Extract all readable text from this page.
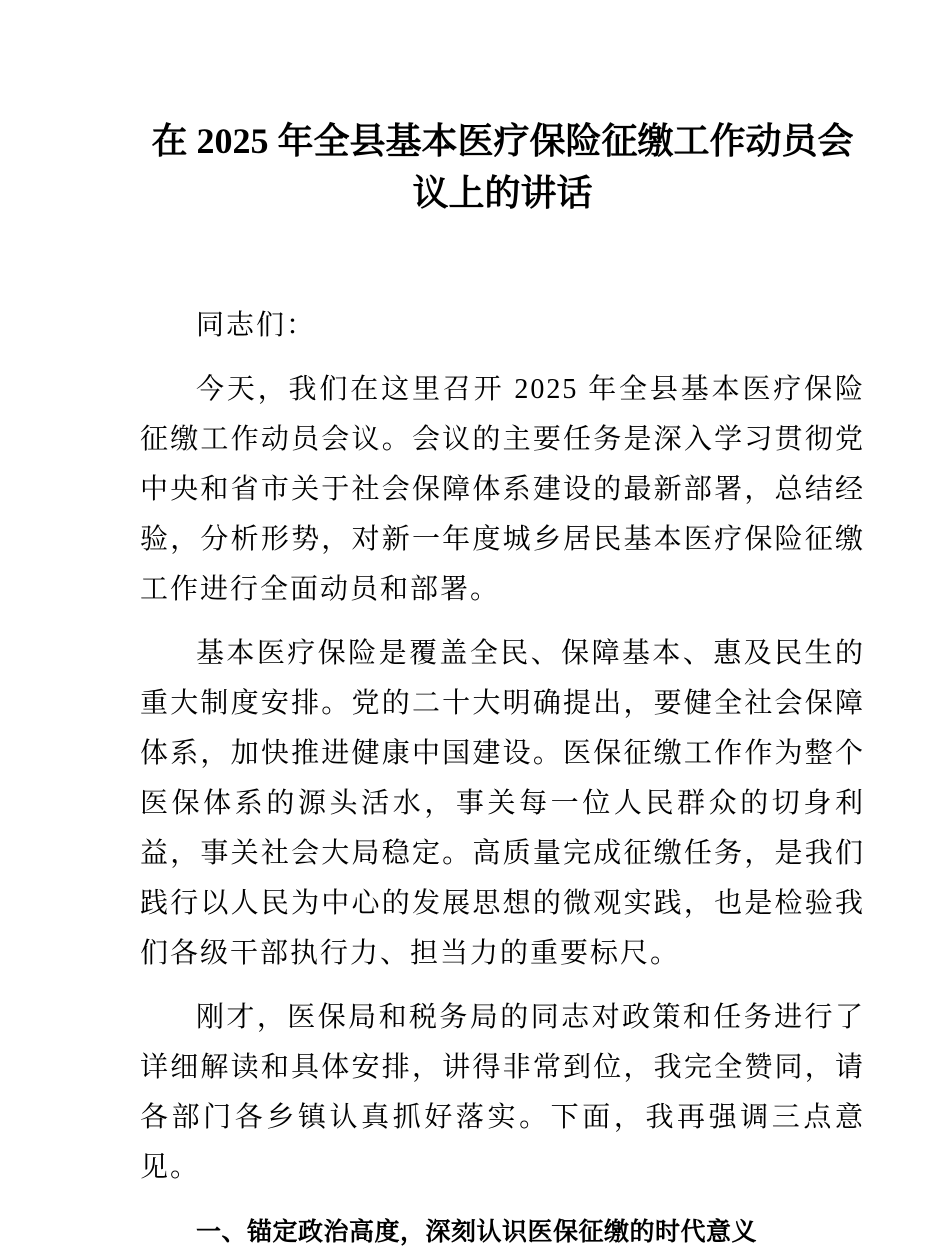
在 2025 年全县基本医疗保险征缴工作动员会议上的讲话

同志们：

今天，我们在这里召开 2025 年全县基本医疗保险征缴工作动员会议。会议的主要任务是深入学习贯彻党中央和省市关于社会保障体系建设的最新部署，总结经验，分析形势，对新一年度城乡居民基本医疗保险征缴工作进行全面动员和部署。

基本医疗保险是覆盖全民、保障基本、惠及民生的重大制度安排。党的二十大明确提出，要健全社会保障体系，加快推进健康中国建设。医保征缴工作作为整个医保体系的源头活水，事关每一位人民群众的切身利益，事关社会大局稳定。高质量完成征缴任务，是我们践行以人民为中心的发展思想的微观实践，也是检验我们各级干部执行力、担当力的重要标尺。

刚才，医保局和税务局的同志对政策和任务进行了详细解读和具体安排，讲得非常到位，我完全赞同，请各部门各乡镇认真抓好落实。下面，我再强调三点意见。

一、锚定政治高度，深刻认识医保征缴的时代意义
